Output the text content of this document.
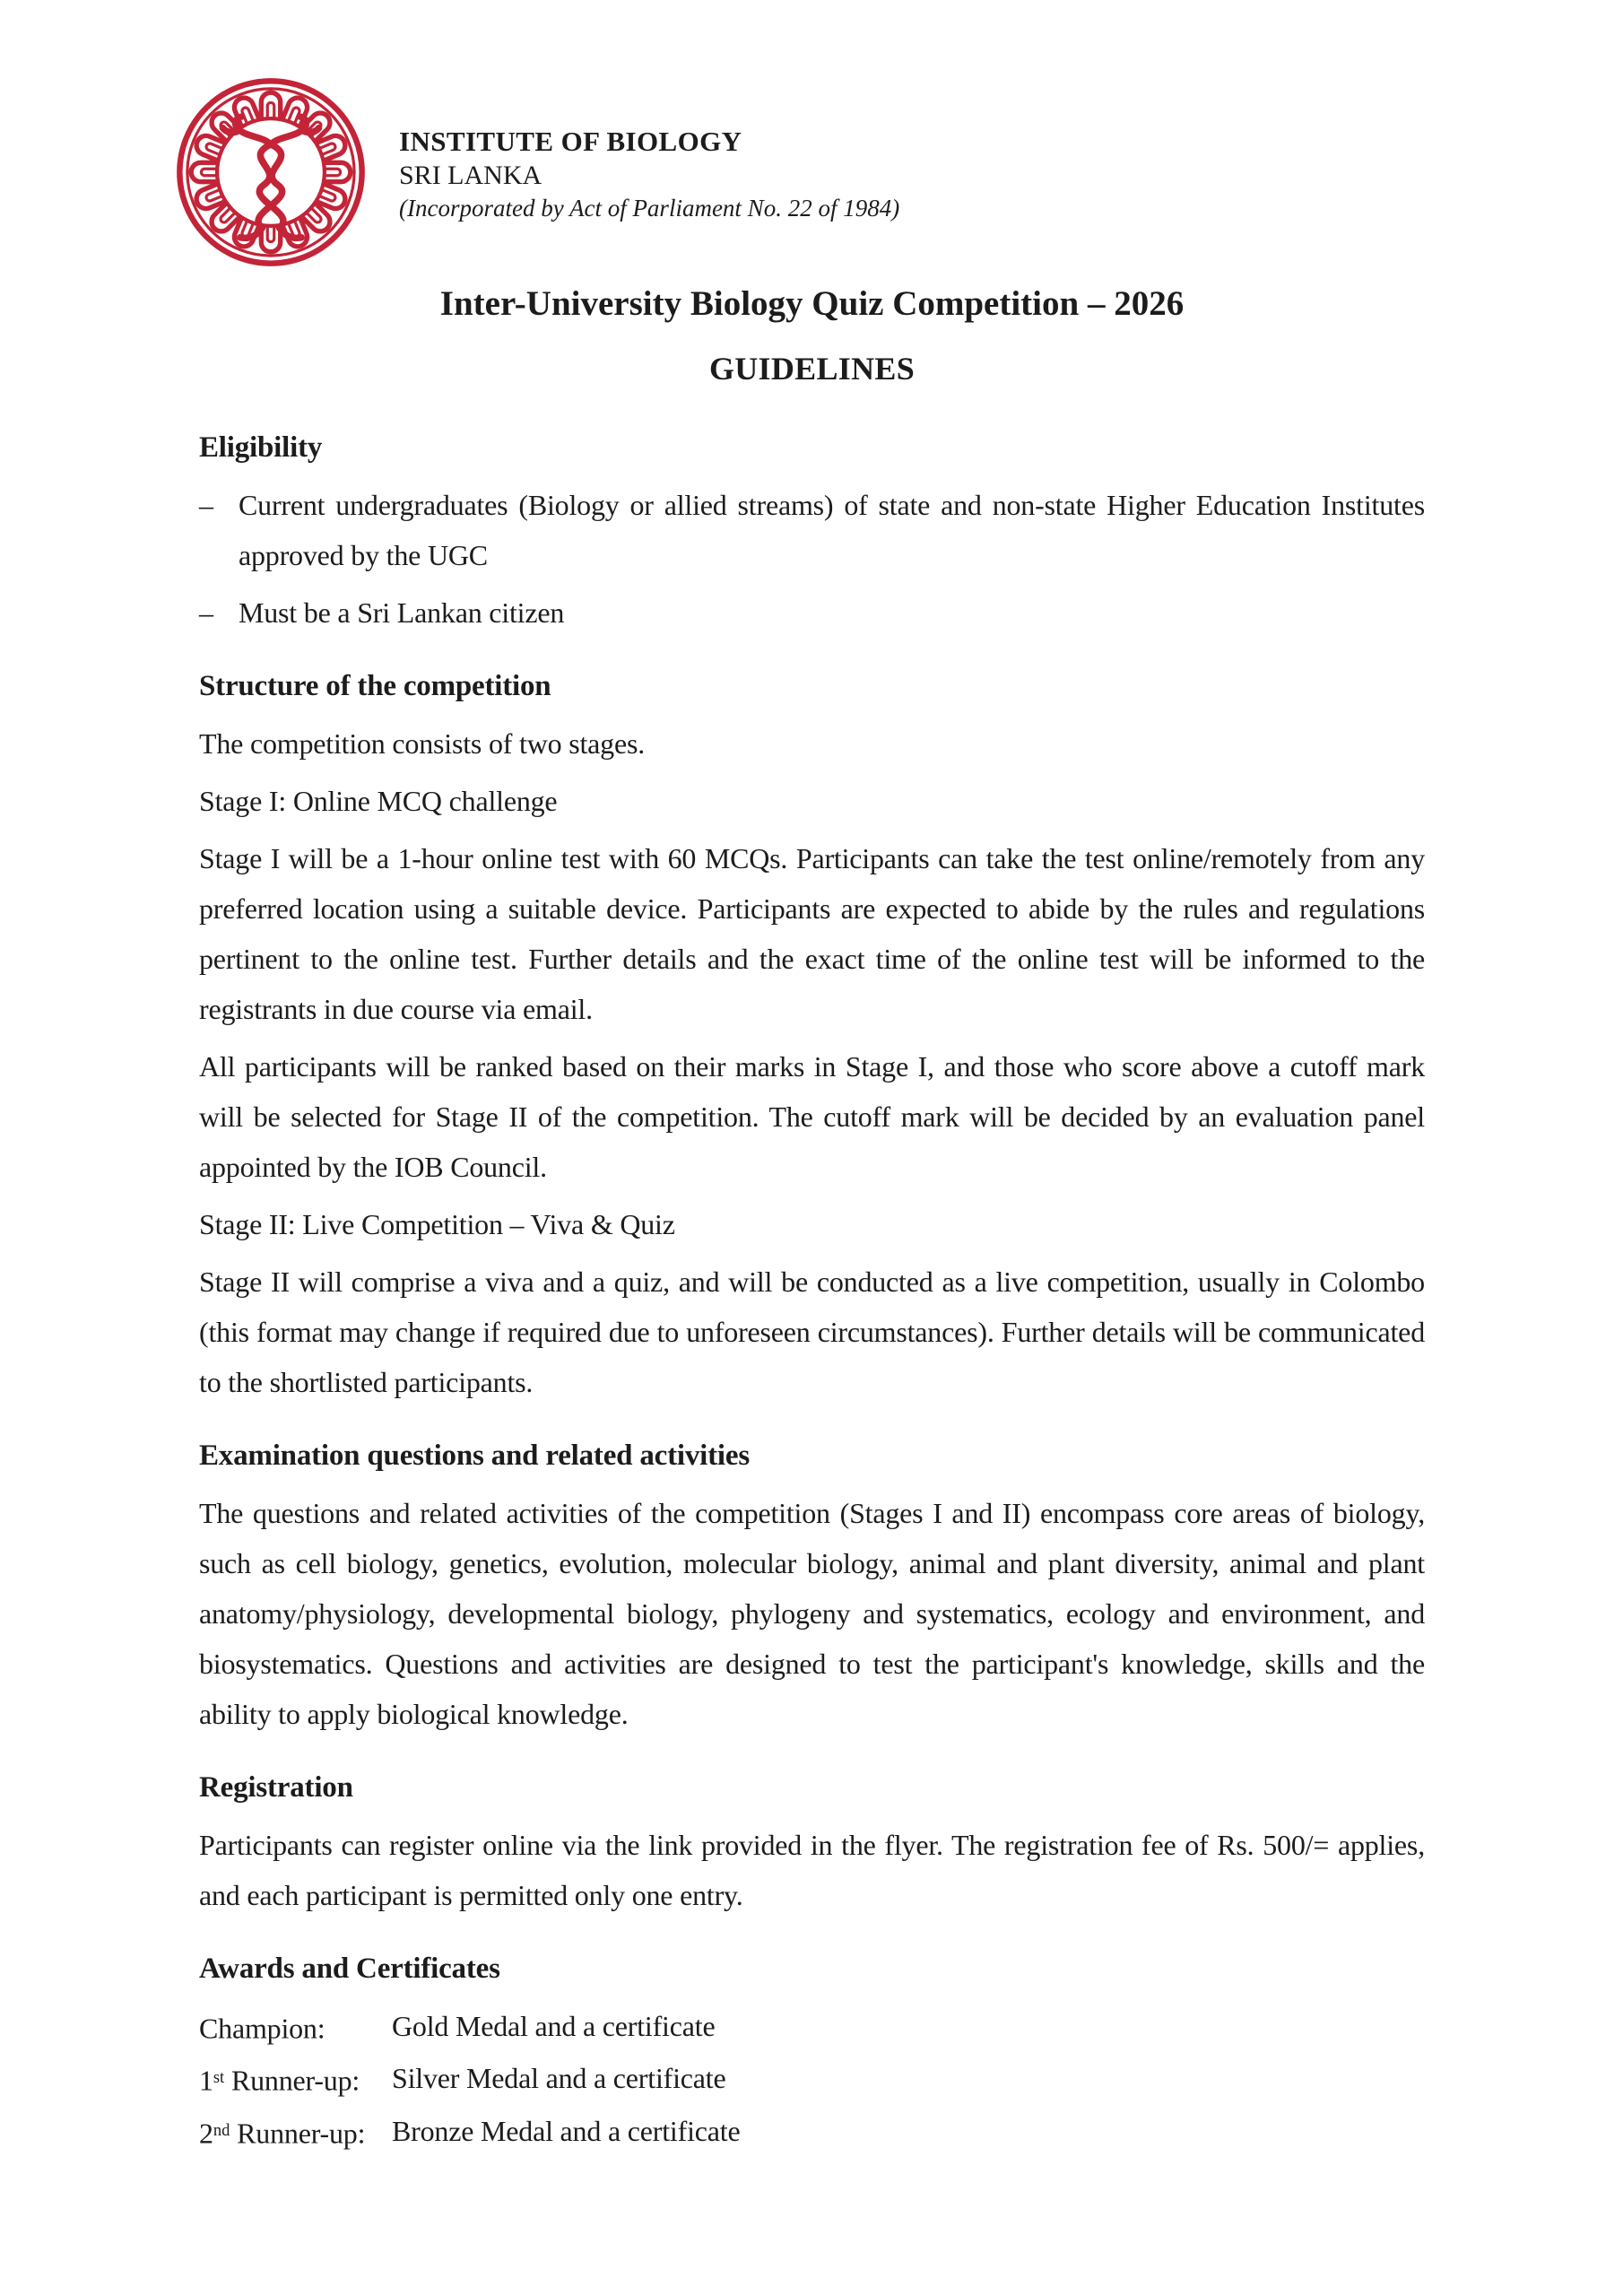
INSTITUTE OF BIOLOGY
SRI LANKA
(Incorporated by Act of Parliament No. 22 of 1984)
Inter-University Biology Quiz Competition – 2026
GUIDELINES
Eligibility
– Current undergraduates (Biology or allied streams) of state and non-state Higher Education Institutes approved by the UGC
– Must be a Sri Lankan citizen
Structure of the competition
The competition consists of two stages.
Stage I: Online MCQ challenge
Stage I will be a 1-hour online test with 60 MCQs. Participants can take the test online/remotely from any preferred location using a suitable device. Participants are expected to abide by the rules and regulations pertinent to the online test. Further details and the exact time of the online test will be informed to the registrants in due course via email.
All participants will be ranked based on their marks in Stage I, and those who score above a cutoff mark will be selected for Stage II of the competition. The cutoff mark will be decided by an evaluation panel appointed by the IOB Council.
Stage II: Live Competition – Viva & Quiz
Stage II will comprise a viva and a quiz, and will be conducted as a live competition, usually in Colombo (this format may change if required due to unforeseen circumstances). Further details will be communicated to the shortlisted participants.
Examination questions and related activities
The questions and related activities of the competition (Stages I and II) encompass core areas of biology, such as cell biology, genetics, evolution, molecular biology, animal and plant diversity, animal and plant anatomy/physiology, developmental biology, phylogeny and systematics, ecology and environment, and biosystematics. Questions and activities are designed to test the participant's knowledge, skills and the ability to apply biological knowledge.
Registration
Participants can register online via the link provided in the flyer. The registration fee of Rs. 500/= applies, and each participant is permitted only one entry.
Awards and Certificates
Champion:	Gold Medal and a certificate
1st Runner-up:	Silver Medal and a certificate
2nd Runner-up: Bronze Medal and a certificate
